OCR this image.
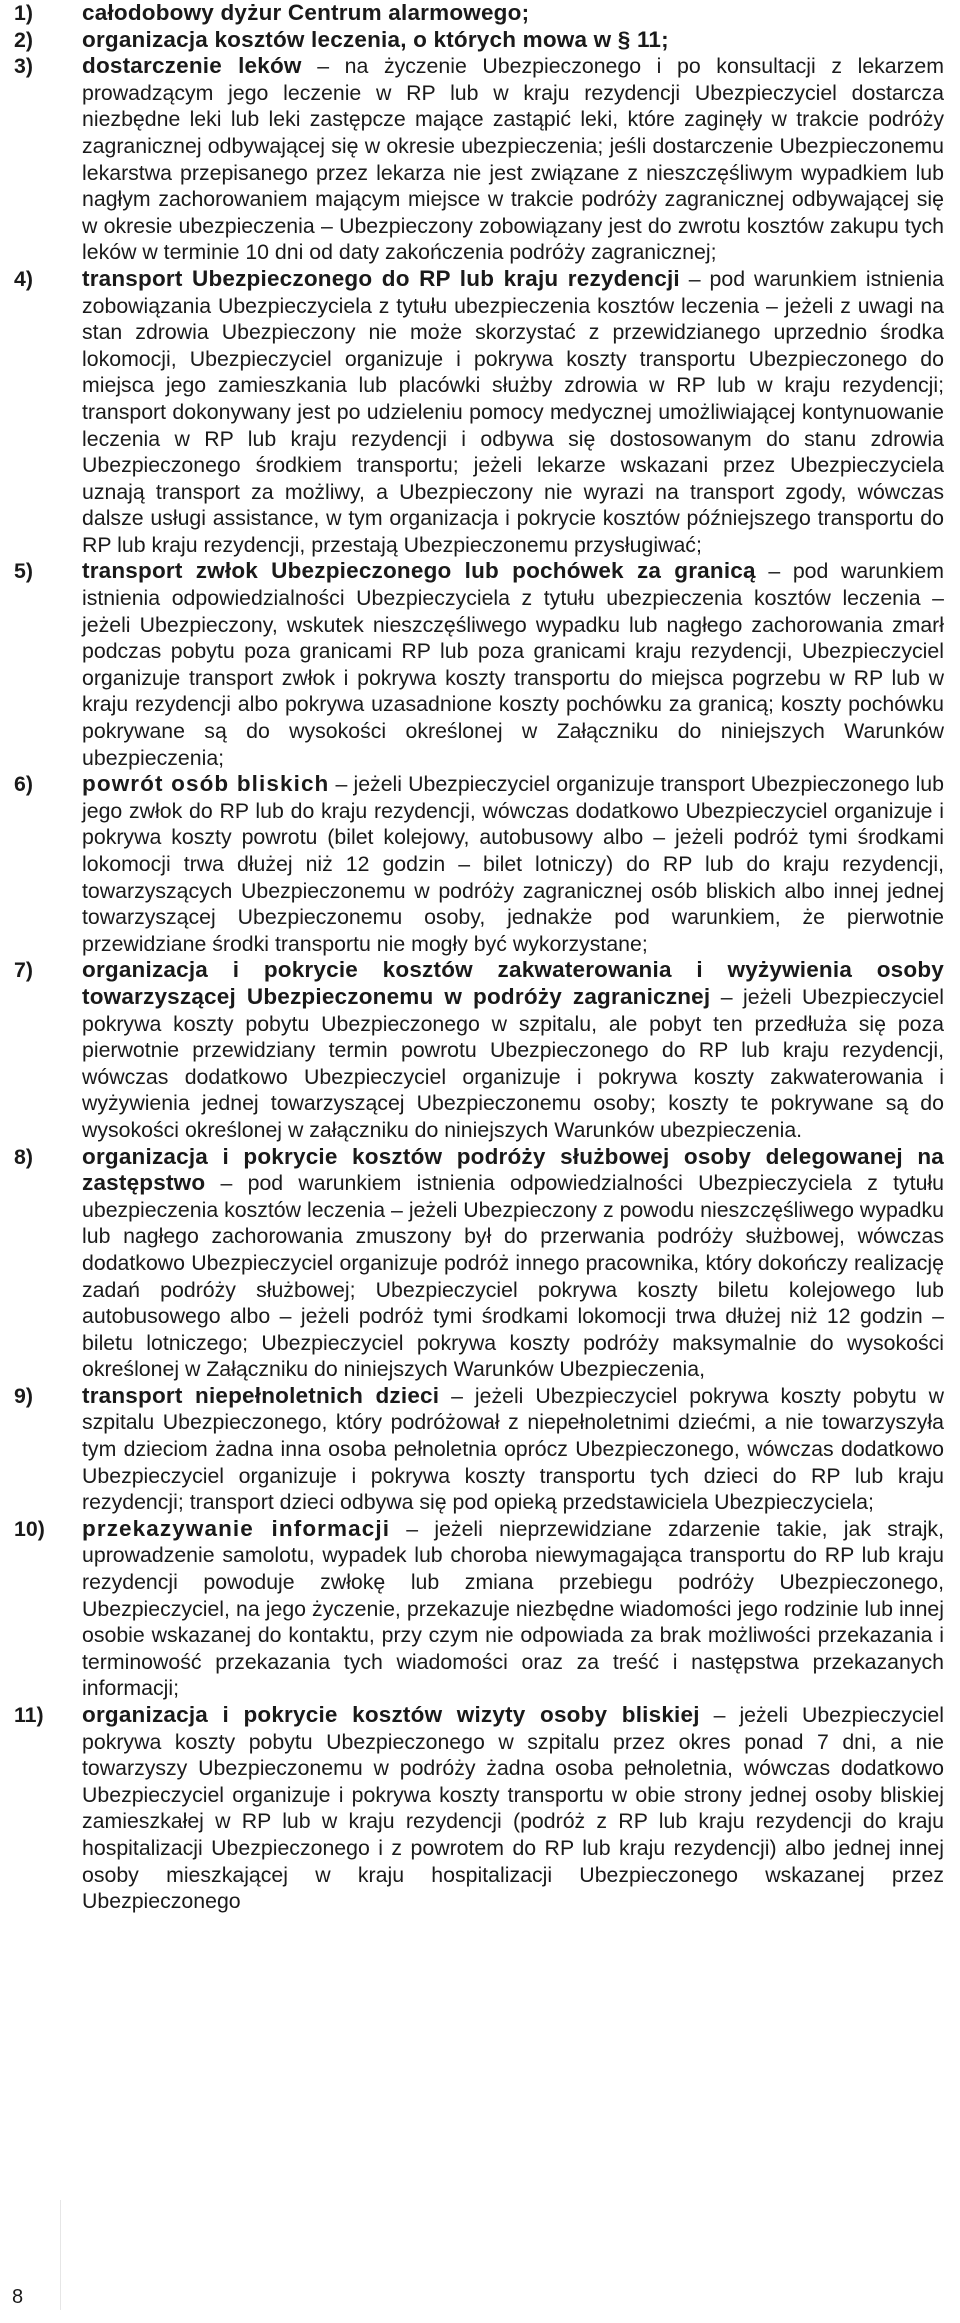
1)	całodobowy dyżur Centrum alarmowego;
2)	organizacja kosztów leczenia, o których mowa w § 11;
3)	dostarczenie leków – na życzenie Ubezpieczonego i po konsultacji z lekarzem prowadzącym jego leczenie w RP lub w kraju rezydencji Ubezpieczyciel dostarcza niezbędne leki lub leki zastępcze mające zastąpić leki, które zaginęły w trakcie podróży zagranicznej odbywającej się w okresie ubezpieczenia; jeśli dostarczenie Ubezpieczonemu lekarstwa przepisanego przez lekarza nie jest związane z nieszczęśliwym wypadkiem lub nagłym zachorowaniem mającym miejsce w trakcie podróży zagranicznej odbywającej się w okresie ubezpieczenia – Ubezpieczony zobowiązany jest do zwrotu kosztów zakupu tych leków w terminie 10 dni od daty zakończenia podróży zagranicznej;
4)	transport Ubezpieczonego do RP lub kraju rezydencji – pod warunkiem istnienia zobowiązania Ubezpieczyciela z tytułu ubezpieczenia kosztów leczenia – jeżeli z uwagi na stan zdrowia Ubezpieczony nie może skorzystać z przewidzianego uprzednio środka lokomocji, Ubezpieczyciel organizuje i pokrywa koszty transportu Ubezpieczonego do miejsca jego zamieszkania lub placówki służby zdrowia w RP lub w kraju rezydencji; transport dokonywany jest po udzieleniu pomocy medycznej umożliwiającej kontynuowanie leczenia w RP lub kraju rezydencji i odbywa się dostosowanym do stanu zdrowia Ubezpieczonego środkiem transportu; jeżeli lekarze wskazani przez Ubezpieczyciela uznają transport za możliwy, a Ubezpieczony nie wyrazi na transport zgody, wówczas dalsze usługi assistance, w tym organizacja i pokrycie kosztów późniejszego transportu do RP lub kraju rezydencji, przestają Ubezpieczonemu przysługiwać;
5)	transport zwłok Ubezpieczonego lub pochówek za granicą – pod warunkiem istnienia odpowiedzialności Ubezpieczyciela z tytułu ubezpieczenia kosztów leczenia – jeżeli Ubezpieczony, wskutek nieszczęśliwego wypadku lub nagłego zachorowania zmarł podczas pobytu poza granicami RP lub poza granicami kraju rezydencji, Ubezpieczyciel organizuje transport zwłok i pokrywa koszty transportu do miejsca pogrzebu w RP lub w kraju rezydencji albo pokrywa uzasadnione koszty pochówku za granicą; koszty pochówku pokrywane są do wysokości określonej w Załączniku do niniejszych Warunków ubezpieczenia;
6)	powrót osób bliskich – jeżeli Ubezpieczyciel organizuje transport Ubezpieczonego lub jego zwłok do RP lub do kraju rezydencji, wówczas dodatkowo Ubezpieczyciel organizuje i pokrywa koszty powrotu (bilet kolejowy, autobusowy albo – jeżeli podróż tymi środkami lokomocji trwa dłużej niż 12 godzin – bilet lotniczy) do RP lub do kraju rezydencji, towarzyszących Ubezpieczonemu w podróży zagranicznej osób bliskich albo innej jednej towarzyszącej Ubezpieczonemu osoby, jednakże pod warunkiem, że pierwotnie przewidziane środki transportu nie mogły być wykorzystane;
7)	organizacja i pokrycie kosztów zakwaterowania i wyżywienia osoby towarzyszącej Ubezpieczonemu w podróży zagranicznej – jeżeli Ubezpieczyciel pokrywa koszty pobytu Ubezpieczonego w szpitalu, ale pobyt ten przedłuża się poza pierwotnie przewidziany termin powrotu Ubezpieczonego do RP lub kraju rezydencji, wówczas dodatkowo Ubezpieczyciel organizuje i pokrywa koszty zakwaterowania i wyżywienia jednej towarzyszącej Ubezpieczonemu osoby; koszty te pokrywane są do wysokości określonej w załączniku do niniejszych Warunków ubezpieczenia.
8)	organizacja i pokrycie kosztów podróży służbowej osoby delegowanej na zastępstwo – pod warunkiem istnienia odpowiedzialności Ubezpieczyciela z tytułu ubezpieczenia kosztów leczenia – jeżeli Ubezpieczony z powodu nieszczęśliwego wypadku lub nagłego zachorowania zmuszony był do przerwania podróży służbowej, wówczas dodatkowo Ubezpieczyciel organizuje podróż innego pracownika, który dokończy realizację zadań podróży służbowej; Ubezpieczyciel pokrywa koszty biletu kolejowego lub autobusowego albo – jeżeli podróż tymi środkami lokomocji trwa dłużej niż 12 godzin – biletu lotniczego; Ubezpieczyciel pokrywa koszty podróży maksymalnie do wysokości określonej w Załączniku do niniejszych Warunków Ubezpieczenia,
9)	transport niepełnoletnich dzieci – jeżeli Ubezpieczyciel pokrywa koszty pobytu w szpitalu Ubezpieczonego, który podróżował z niepełnoletnimi dziećmi, a nie towarzyszyła tym dzieciom żadna inna osoba pełnoletnia oprócz Ubezpieczonego, wówczas dodatkowo Ubezpieczyciel organizuje i pokrywa koszty transportu tych dzieci do RP lub kraju rezydencji; transport dzieci odbywa się pod opieką przedstawiciela Ubezpieczyciela;
10)	przekazywanie informacji – jeżeli nieprzewidziane zdarzenie takie, jak strajk, uprowadzenie samolotu, wypadek lub choroba niewymagająca transportu do RP lub kraju rezydencji powoduje zwłokę lub zmiana przebiegu podróży Ubezpieczonego, Ubezpieczyciel, na jego życzenie, przekazuje niezbędne wiadomości jego rodzinie lub innej osobie wskazanej do kontaktu, przy czym nie odpowiada za brak możliwości przekazania i terminowość przekazania tych wiadomości oraz za treść i następstwa przekazanych informacji;
11)	organizacja i pokrycie kosztów wizyty osoby bliskiej – jeżeli Ubezpieczyciel pokrywa koszty pobytu Ubezpieczonego w szpitalu przez okres ponad 7 dni, a nie towarzyszy Ubezpieczonemu w podróży żadna osoba pełnoletnia, wówczas dodatkowo Ubezpieczyciel organizuje i pokrywa koszty transportu w obie strony jednej osoby bliskiej zamieszkałej w RP lub w kraju rezydencji (podróż z RP lub kraju rezydencji do kraju hospitalizacji Ubezpieczonego i z powrotem do RP lub kraju rezydencji) albo jednej innej osoby mieszkającej w kraju hospitalizacji Ubezpieczonego wskazanej przez Ubezpieczonego
8
